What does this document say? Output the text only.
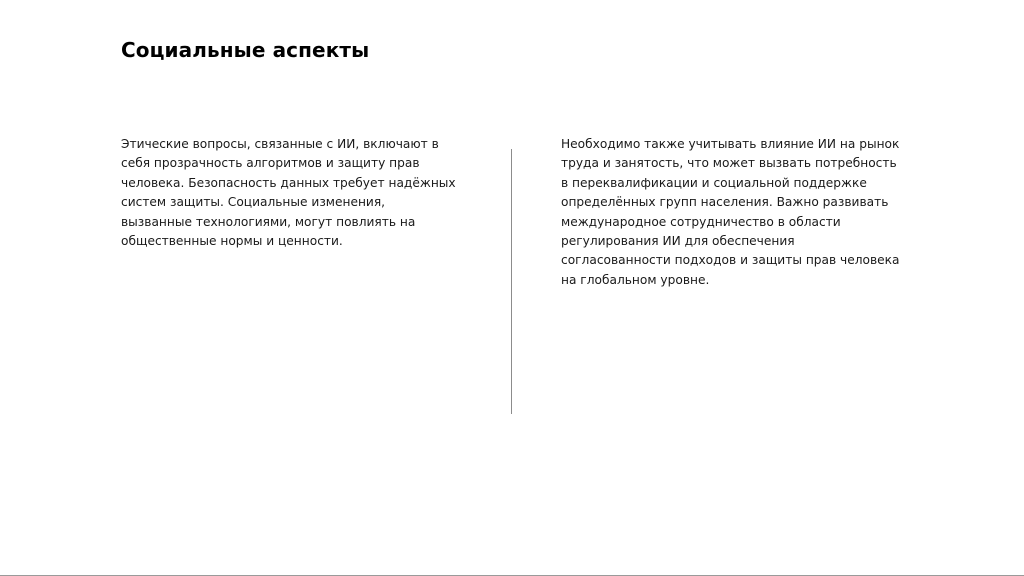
Социальные аспекты

Этические вопросы, связанные с ИИ, включают в себя прозрачность алгоритмов и защиту прав человека. Безопасность данных требует надёжных систем защиты. Социальные изменения, вызванные технологиями, могут повлиять на общественные нормы и ценности.

Необходимо также учитывать влияние ИИ на рынок труда и занятость, что может вызвать потребность в переквалификации и социальной поддержке определённых групп населения. Важно развивать международное сотрудничество в области регулирования ИИ для обеспечения согласованности подходов и защиты прав человека на глобальном уровне.
